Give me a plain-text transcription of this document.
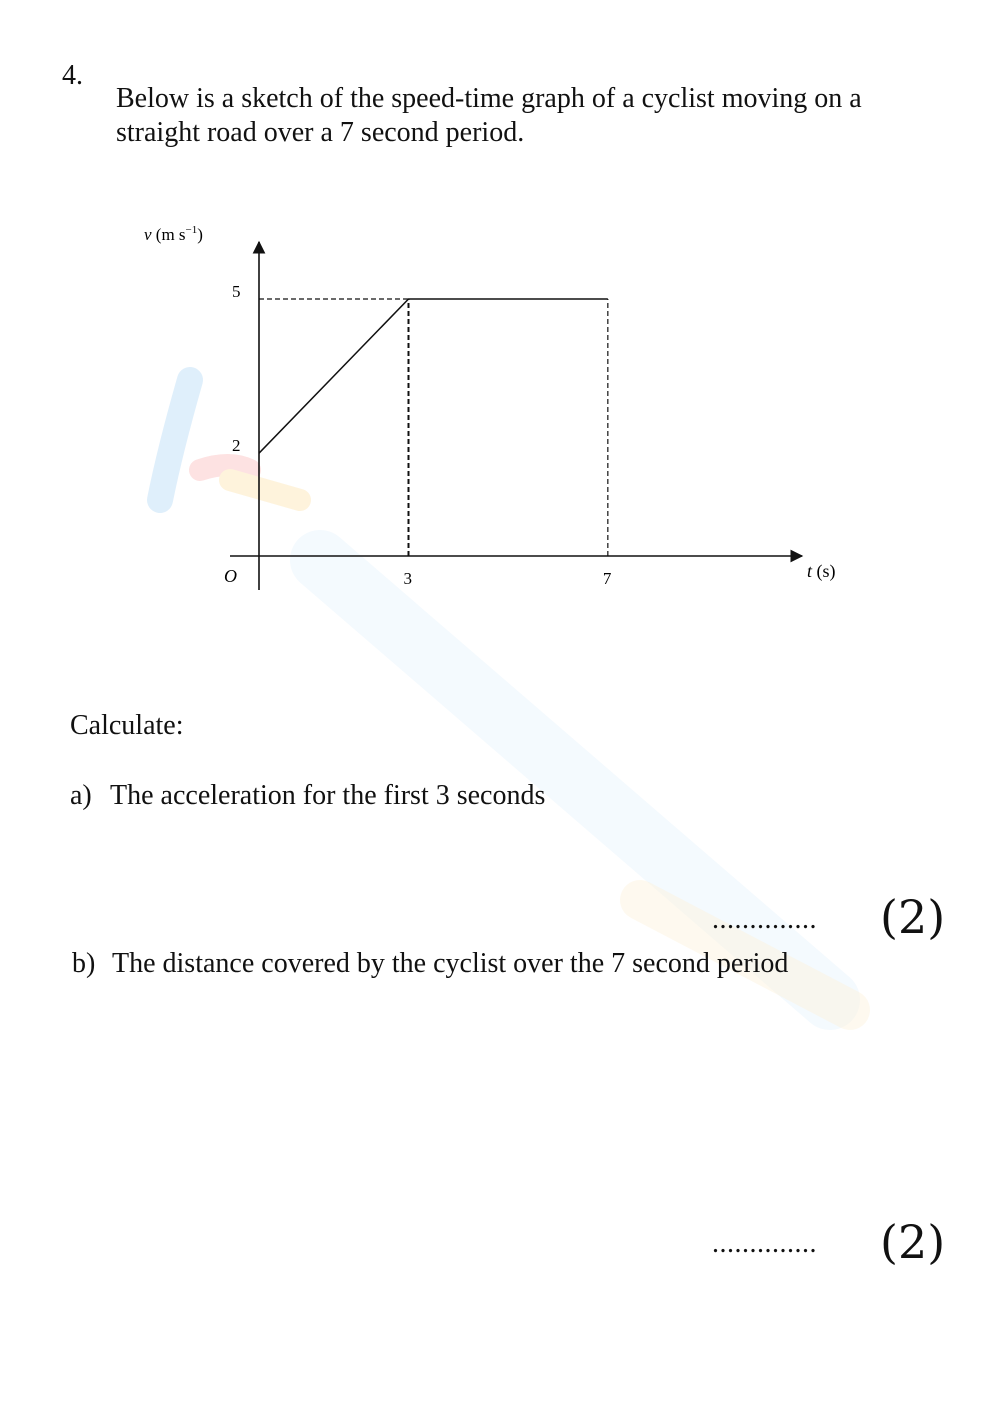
4.
Below is a sketch of the speed-time graph of a cyclist moving on a straight road over a 7 second period.
v (m $s^{-1}$)
t (s)
O	3	7
2
5
Calculate:
a) The acceleration for the first 3 seconds
.............. (2)
b) The distance covered by the cyclist over the 7 second period
.............. (2)
